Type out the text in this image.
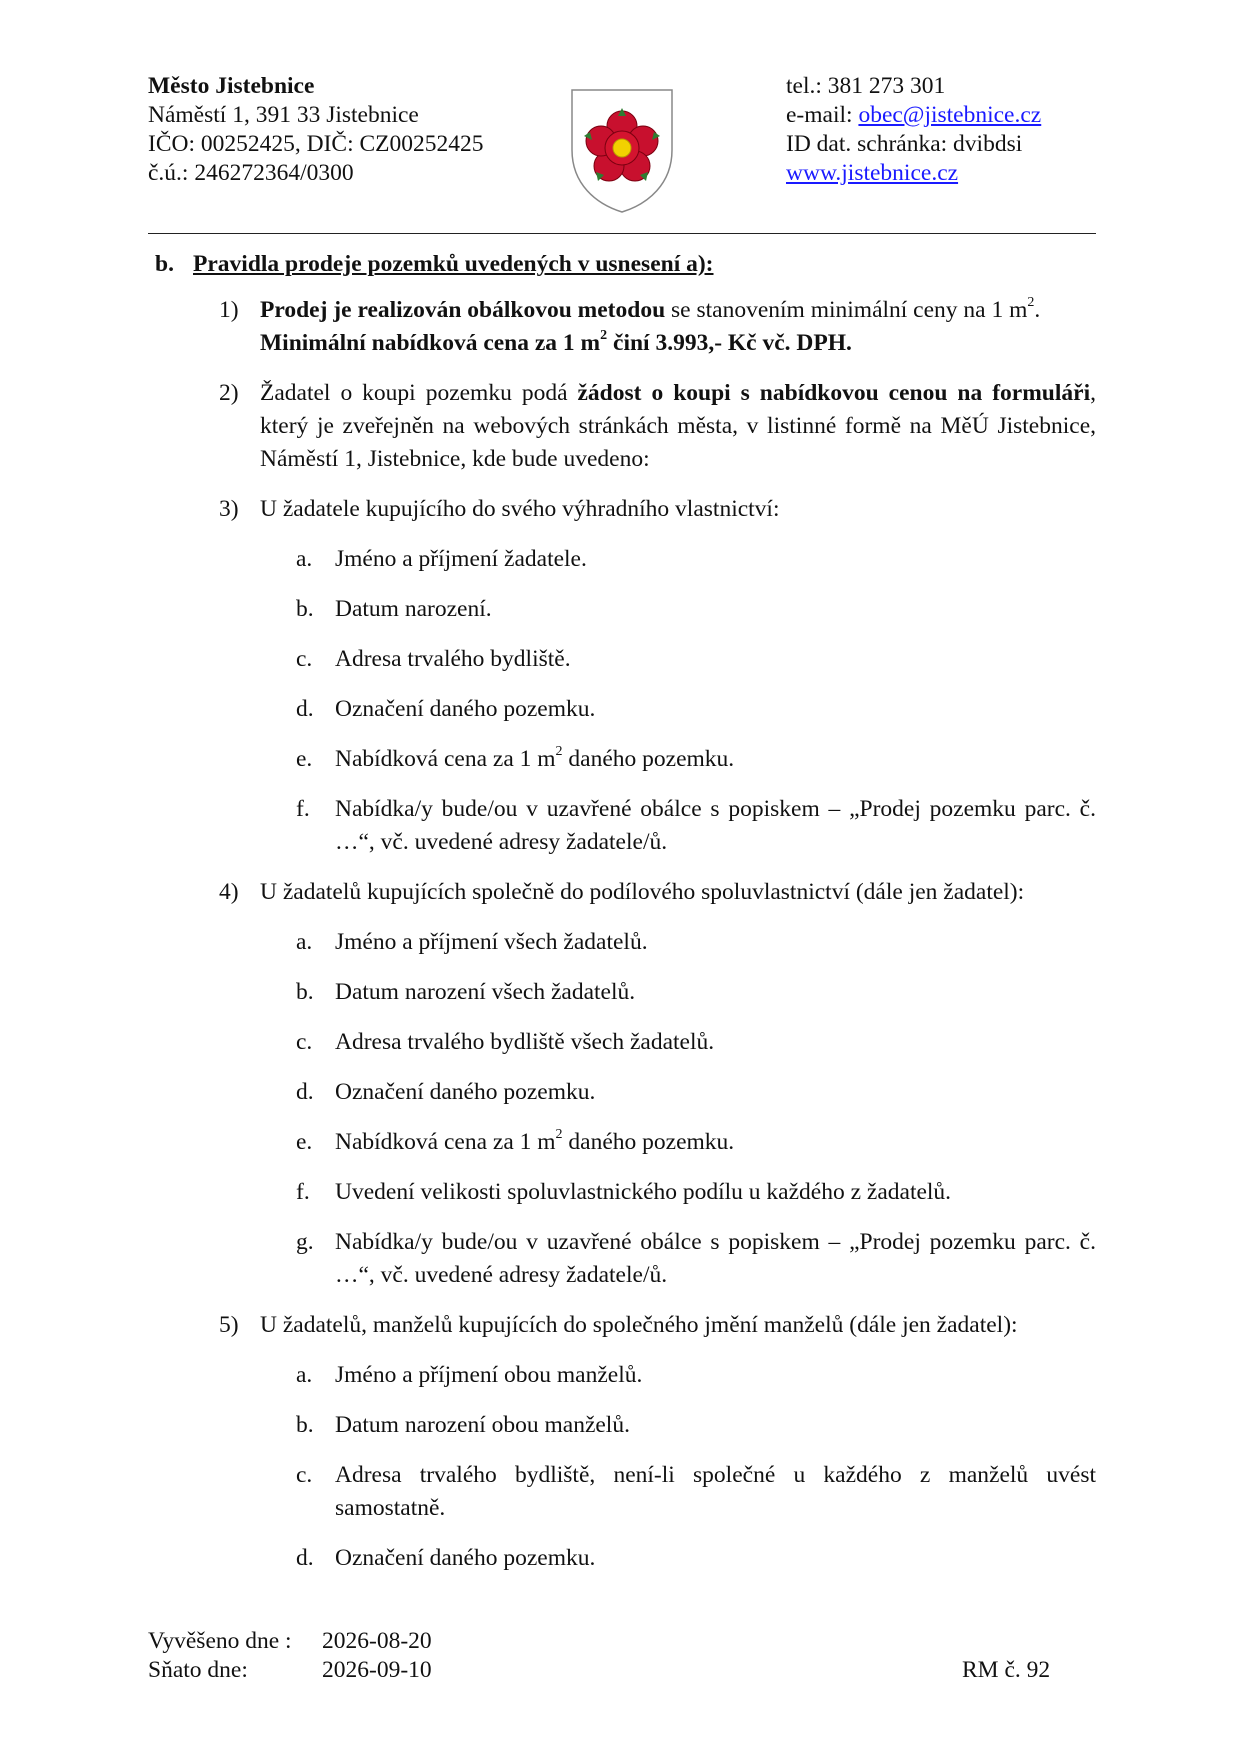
Město Jistebnice
Náměstí 1, 391 33 Jistebnice
IČO: 00252425, DIČ: CZ00252425
č.ú.: 246272364/0300
tel.: 381 273 301
e-mail: obec@jistebnice.cz
ID dat. schránka: dvibdsi
www.jistebnice.cz
b. Pravidla prodeje pozemků uvedených v usnesení a):
1) Prodej je realizován obálkovou metodou se stanovením minimální ceny na 1 $m^2$.
Minimální nabídková cena za 1 $m^2$ činí 3.993,- Kč vč. DPH.
2) Žadatel o koupi pozemku podá žádost o koupi s nabídkovou cenou na formuláři, který je zveřejněn na webových stránkách města, v listinné formě na MěÚ Jistebnice, Náměstí 1, Jistebnice, kde bude uvedeno:
3) U žadatele kupujícího do svého výhradního vlastnictví:
a. Jméno a příjmení žadatele.
b. Datum narození.
c. Adresa trvalého bydliště.
d. Označení daného pozemku.
e. Nabídková cena za 1 $m^2$ daného pozemku.
f. Nabídka/y bude/ou v uzavřené obálce s popiskem – „Prodej pozemku parc. č. …“, vč. uvedené adresy žadatele/ů.
4) U žadatelů kupujících společně do podílového spoluvlastnictví (dále jen žadatel):
a. Jméno a příjmení všech žadatelů.
b. Datum narození všech žadatelů.
c. Adresa trvalého bydliště všech žadatelů.
d. Označení daného pozemku.
e. Nabídková cena za 1 $m^2$ daného pozemku.
f. Uvedení velikosti spoluvlastnického podílu u každého z žadatelů.
g. Nabídka/y bude/ou v uzavřené obálce s popiskem – „Prodej pozemku parc. č. …“, vč. uvedené adresy žadatele/ů.
5) U žadatelů, manželů kupujících do společného jmění manželů (dále jen žadatel):
a. Jméno a příjmení obou manželů.
b. Datum narození obou manželů.
c. Adresa trvalého bydliště, není-li společné u každého z manželů uvést samostatně.
d. Označení daného pozemku.
Vyvěšeno dne : 2026-08-20
Sňato dne:	2026-09-10	RM č. 92
